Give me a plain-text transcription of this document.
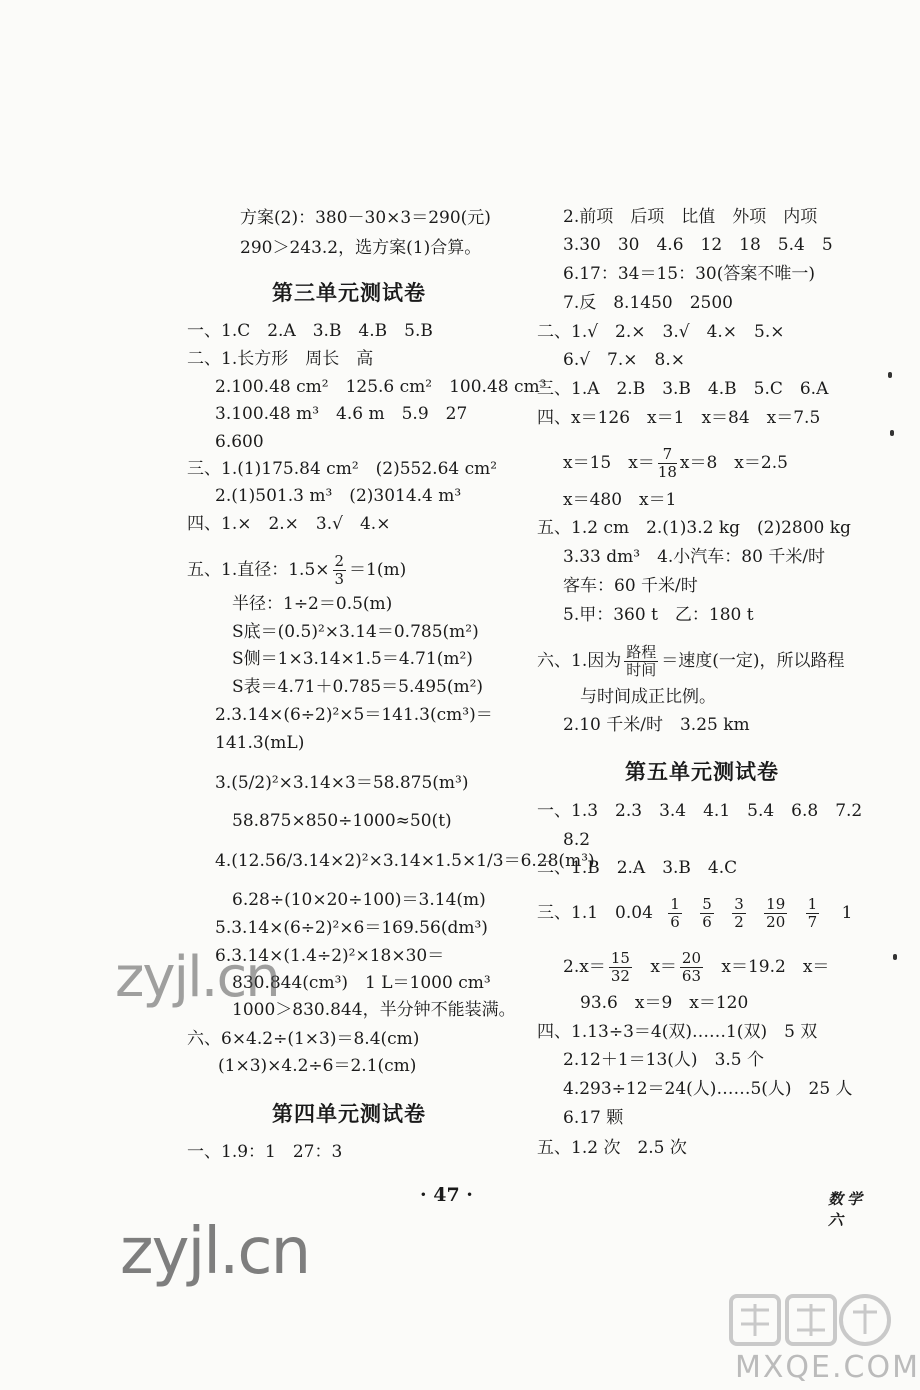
方案(2)：380－30×3＝290(元)
290＞243.2，选方案(1)合算。
第三单元测试卷
一、1.C　2.A　3.B　4.B　5.B
二、1.长方形　周长　高
2.100.48 cm²　125.6 cm²　100.48 cm³
3.100.48 m³　4.6 m　5.9　27
6.600
三、1.(1)175.84 cm²　(2)552.64 cm²
2.(1)501.3 m³　(2)3014.4 m³
四、1.×　2.×　3.√　4.×
五、1.直径：$1.5\times \frac{2}{3} =1(m)$
半径：1÷2＝0.5(m)
S底＝(0.5)²×3.14＝0.785(m²)
S侧＝1×3.14×1.5＝4.71(m²)
S表＝4.71＋0.785＝5.495(m²)
2.3.14×(6÷2)²×5＝141.3(cm³)＝
141.3(mL)
3.(5/2)²×3.14×3＝58.875(m³)
58.875×850÷1000≈50(t)
4.(12.56/3.14×2)²×3.14×1.5×1/3＝6.28(m³)
6.28÷(10×20÷100)＝3.14(m)
5.3.14×(6÷2)²×6＝169.56(dm³)
6.3.14×(1.4÷2)²×18×30＝
830.844(cm³)　1 L＝1000 cm³
1000＞830.844，半分钟不能装满。
六、6×4.2÷(1×3)＝8.4(cm)
(1×3)×4.2÷6＝2.1(cm)
第四单元测试卷
一、1.9：1　27：3
2.前项　后项　比值　外项　内项
3.30　30　4.6　12　18　5.4　5
6.17：34＝15：30(答案不唯一)
7.反　8.1450　2500
二、1.√　2.×　3.√　4.×　5.×
6.√　7.×　8.×
三、1.A　2.B　3.B　4.B　5.C　6.A
四、x＝126　x＝1　x＝84　x＝7.5
x＝15　$x= \frac{7}{18} x=8$　x＝2.5
x＝480　x＝1
五、1.2 cm　2.(1)3.2 kg　(2)2800 kg
3.33 dm³　4.小汽车：80 千米/时
客车：60 千米/时
5.甲：360 t　乙：180 t
六、1.因为 $\frac{\text{路程}}{\text{时间}}$ ＝速度(一定)，所以路程
与时间成正比例。
2.10 千米/时　3.25 km
第五单元测试卷
一、1.3　2.3　3.4　4.1　5.4　6.8　7.2
8.2
二、1.B　2.A　3.B　4.C
三、1.1　$0.04 \frac{1}{6}$
$\frac{5}{6}$
$\frac{3}{2}$
$\frac{19}{20}$
$\frac{1}{7} 1$
$2.x= \frac{15}{32} x= \frac{20}{63} x=19.2$　x＝
93.6　x＝9　x＝120
四、1.13÷3＝4(双)……1(双)　5 双
2.12＋1＝13(人)　3.5 个
4.293÷12＝24(人)……5(人)　25 人
6.17 颗
五、1.2 次　2.5 次
· 47 ·	数学　六
zyjl.cn
zyjl.cn
MXQE.COM
